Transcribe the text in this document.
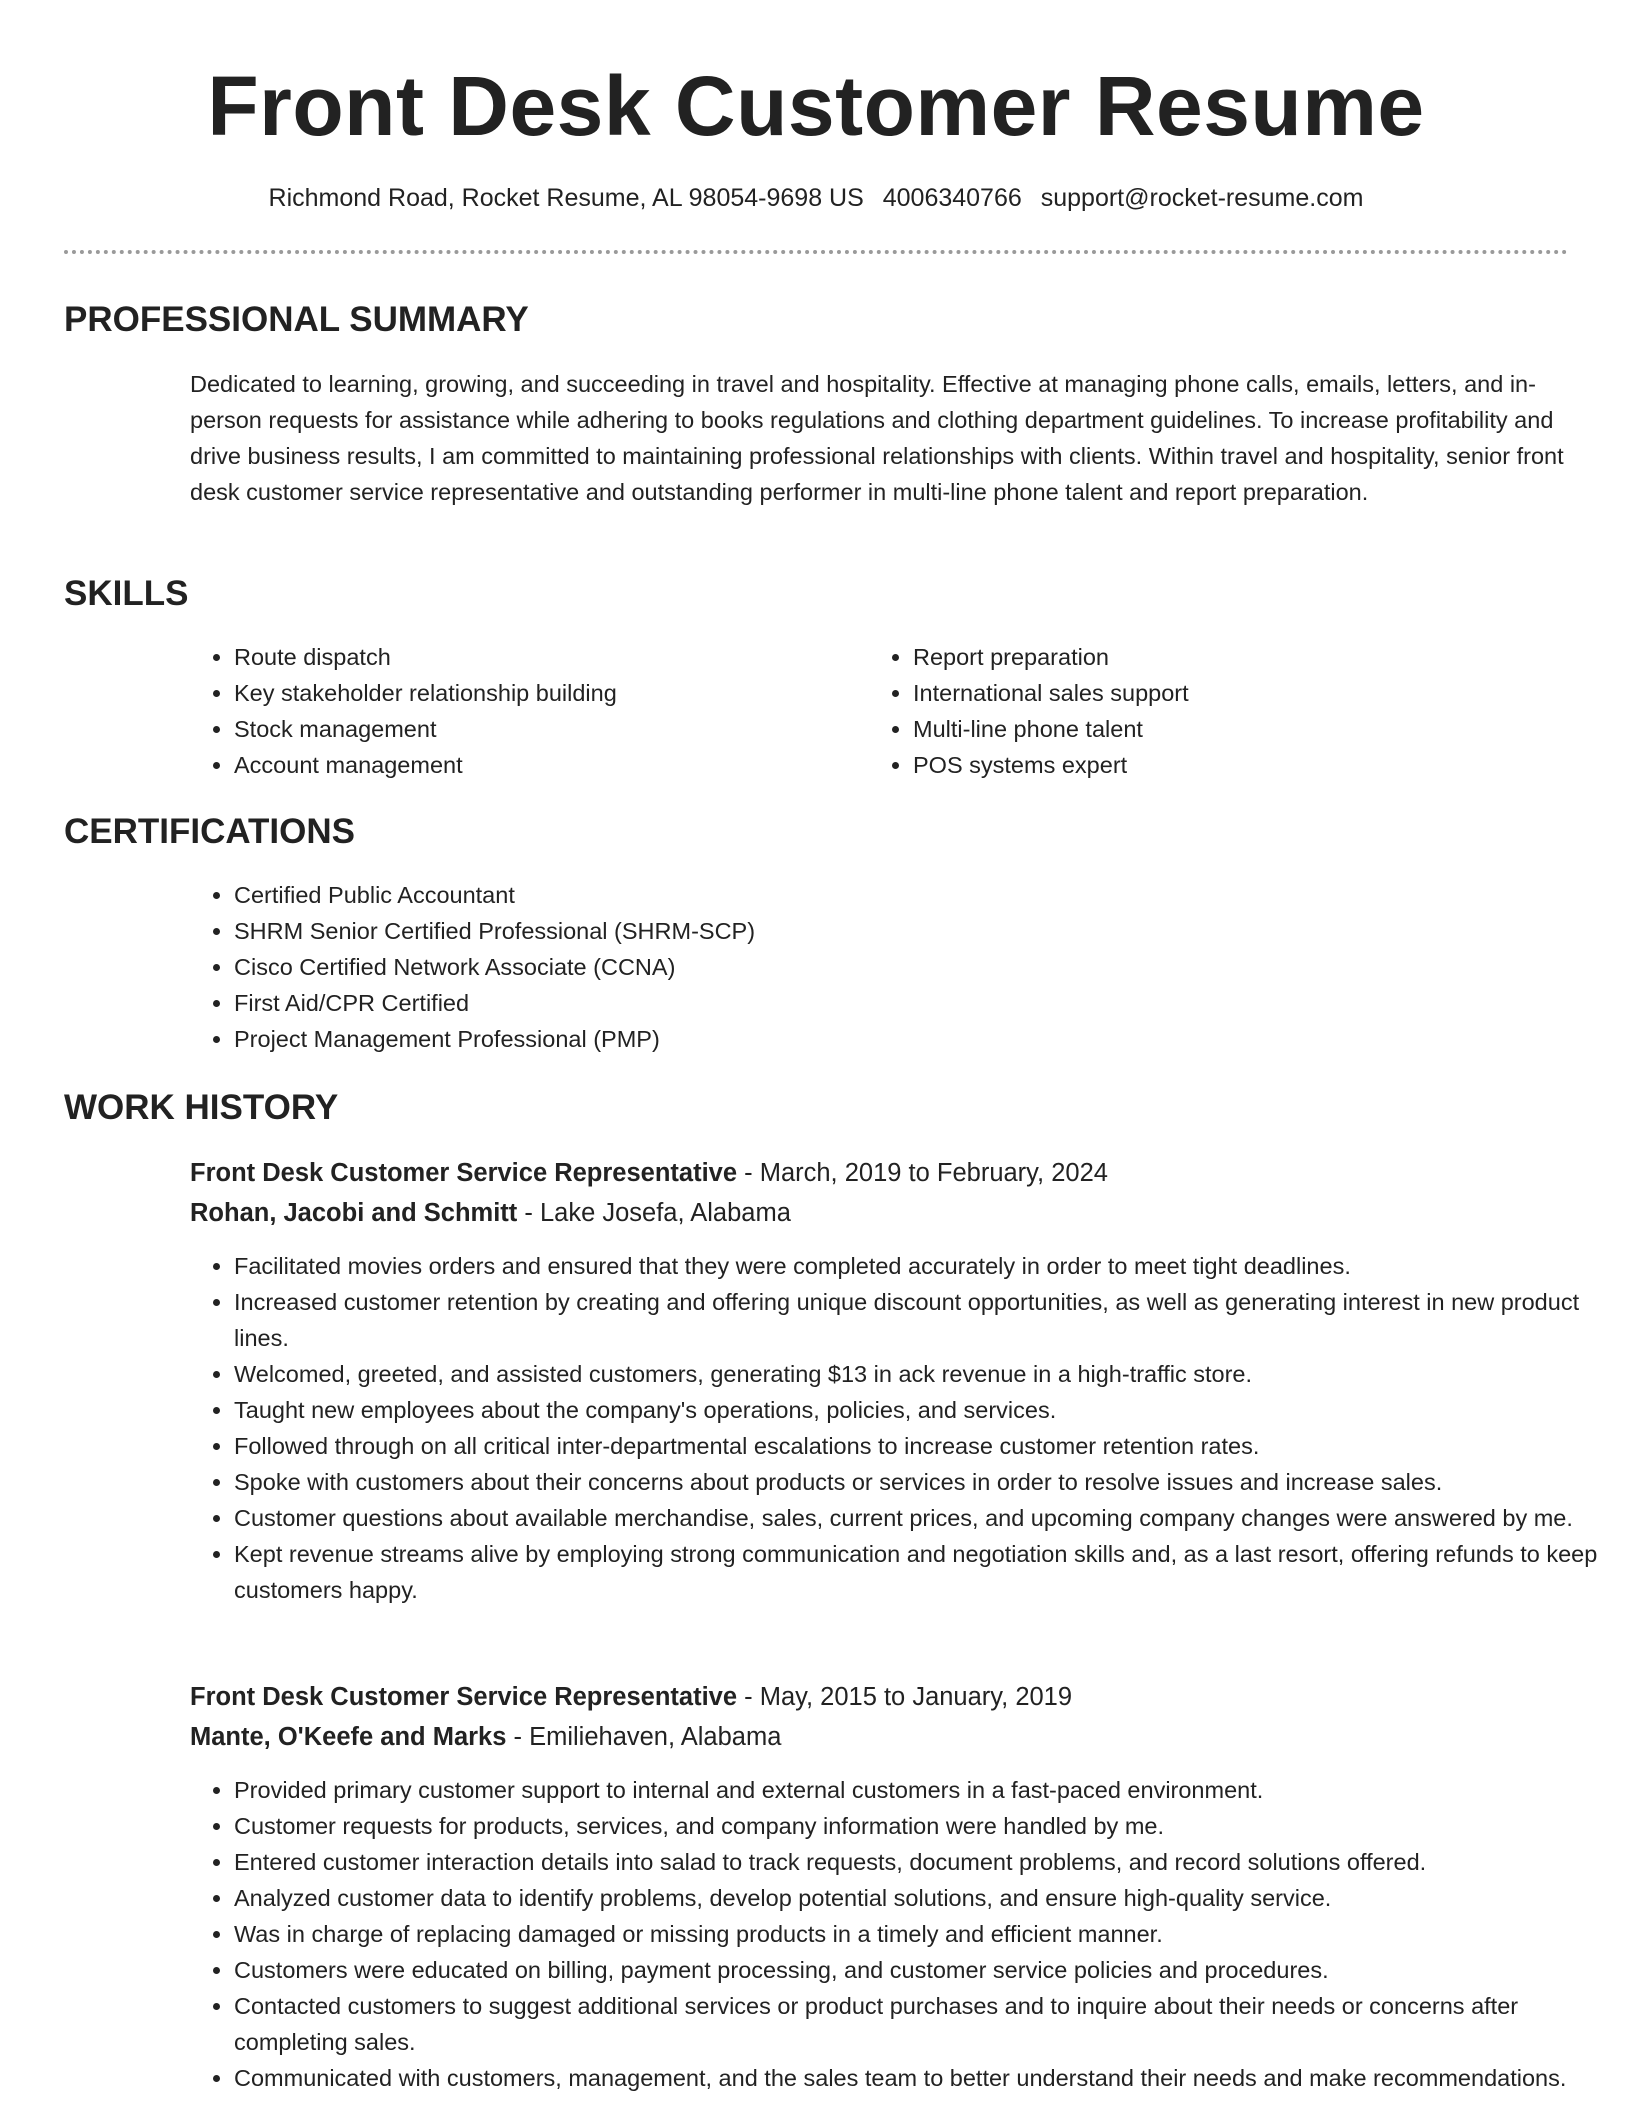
Front Desk Customer Resume
Richmond Road, Rocket Resume, AL 98054-9698 US 4006340766 support@rocket-resume.com
PROFESSIONAL SUMMARY

Dedicated to learning, growing, and succeeding in travel and hospitality. Effective at managing phone calls, emails, letters, and in-person requests for assistance while adhering to books regulations and clothing department guidelines. To increase profitability and drive business results, I am committed to maintaining professional relationships with clients. Within travel and hospitality, senior front desk customer service representative and outstanding performer in multi-line phone talent and report preparation.

SKILLS
• Route dispatch
• Key stakeholder relationship building
• Stock management
• Account management
• Report preparation
• International sales support
• Multi-line phone talent
• POS systems expert
CERTIFICATIONS
• Certified Public Accountant
• SHRM Senior Certified Professional (SHRM-SCP)
• Cisco Certified Network Associate (CCNA)
• First Aid/CPR Certified
• Project Management Professional (PMP)
WORK HISTORY
Front Desk Customer Service Representative - March, 2019 to February, 2024
Rohan, Jacobi and Schmitt - Lake Josefa, Alabama
• Facilitated movies orders and ensured that they were completed accurately in order to meet tight deadlines.
• Increased customer retention by creating and offering unique discount opportunities, as well as generating interest in new product lines.
• Welcomed, greeted, and assisted customers, generating $13 in ack revenue in a high-traffic store.
• Taught new employees about the company's operations, policies, and services.
• Followed through on all critical inter-departmental escalations to increase customer retention rates.
• Spoke with customers about their concerns about products or services in order to resolve issues and increase sales.
• Customer questions about available merchandise, sales, current prices, and upcoming company changes were answered by me.
• Kept revenue streams alive by employing strong communication and negotiation skills and, as a last resort, offering refunds to keep customers happy.
Front Desk Customer Service Representative - May, 2015 to January, 2019
Mante, O'Keefe and Marks - Emiliehaven, Alabama
• Provided primary customer support to internal and external customers in a fast-paced environment.
• Customer requests for products, services, and company information were handled by me.
• Entered customer interaction details into salad to track requests, document problems, and record solutions offered.
• Analyzed customer data to identify problems, develop potential solutions, and ensure high-quality service.
• Was in charge of replacing damaged or missing products in a timely and efficient manner.
• Customers were educated on billing, payment processing, and customer service policies and procedures.
• Contacted customers to suggest additional services or product purchases and to inquire about their needs or concerns after completing sales.
• Communicated with customers, management, and the sales team to better understand their needs and make recommendations.
